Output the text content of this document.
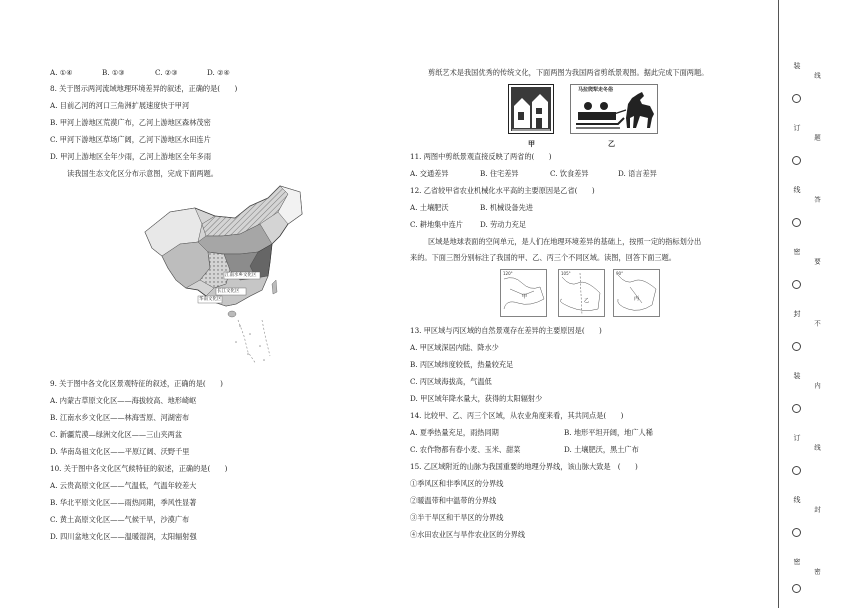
A. ①④	B. ①③	C. ②③	D. ②④
8. 关于图示两河流域地理环境差异的叙述，正确的是(　　)
A. 目前乙河的河口三角洲扩展速度快于甲河
B. 甲河上游地区荒漠广布，乙河上游地区森林茂密
C. 甲河下游地区草场广阔，乙河下游地区水田连片
D. 甲河上游地区全年少雨，乙河上游地区全年多雨
读我国生态文化区分布示意图，完成下面两题。
江南水乡文化区
长江文化区
华南文化区
9. 关于图中各文化区景观特征的叙述，正确的是(　　)
A. 内蒙古草原文化区——海拔较高、地形崎岖
B. 江南水乡文化区——林海雪原、河湖密布
C. 新疆荒漠—绿洲文化区——三山夹两盆
D. 华南岛祖文化区——平原辽阔、沃野千里
10. 关于图中各文化区气候特征的叙述，正确的是(　　)
A. 云贵高原文化区——气温低，气温年较差大
B. 华北平原文化区——雨热同期，季风性显著
C. 黄土高原文化区——气候干旱，沙漠广布
D. 四川盆地文化区——温暖湿润，太阳辐射强
剪纸艺术是我国优秀的传统文化，下面两图为我国两省剪纸景观图。据此完成下面两题。
甲
马拉爬犁走冬俗
乙
11. 两图中剪纸景观直接反映了两省的(　　)
A. 交通差异	B. 住宅差异	C. 饮食差异	D. 语言差异
12. 乙省较甲省农业机械化水平高的主要原因是乙省(　　)
A. 土壤肥沃	B. 机械设备先进
C. 耕地集中连片 D. 劳动力充足
区域是地球表面的空间单元，是人们在地理环境差异的基础上，按照一定的指标划分出
来的。下面三图分别标注了我国的甲、乙、丙三个不同区域。读图，回答下面三题。
120°	105°	90°
甲
乙	丙
13. 甲区域与丙区域的自然景观存在差异的主要原因是(　　)
A. 甲区域深居内陆、降水少
B. 丙区域纬度较低，热量较充足
C. 丙区域海拔高，气温低
D. 甲区域年降水量大，获得的太阳辐射少
14. 比较甲、乙、丙三个区域，从农业角度来看，其共同点是(　　)
A. 夏季热量充足，雨热同期	B. 地形平坦开阔，地广人稀
C. 农作物都有春小麦、玉米、甜菜	D. 土壤肥沃，黑土广布
15. 乙区域附近的山脉为我国重要的地理分界线，该山脉大致是　(　　)
①季风区和非季风区的分界线
②暖温带和中温带的分界线
③半干旱区和干旱区的分界线
④水田农业区与旱作农业区的分界线
装
订
线
密
封
装
订
线
密
线
题
答
要
不
内
线
封
密
